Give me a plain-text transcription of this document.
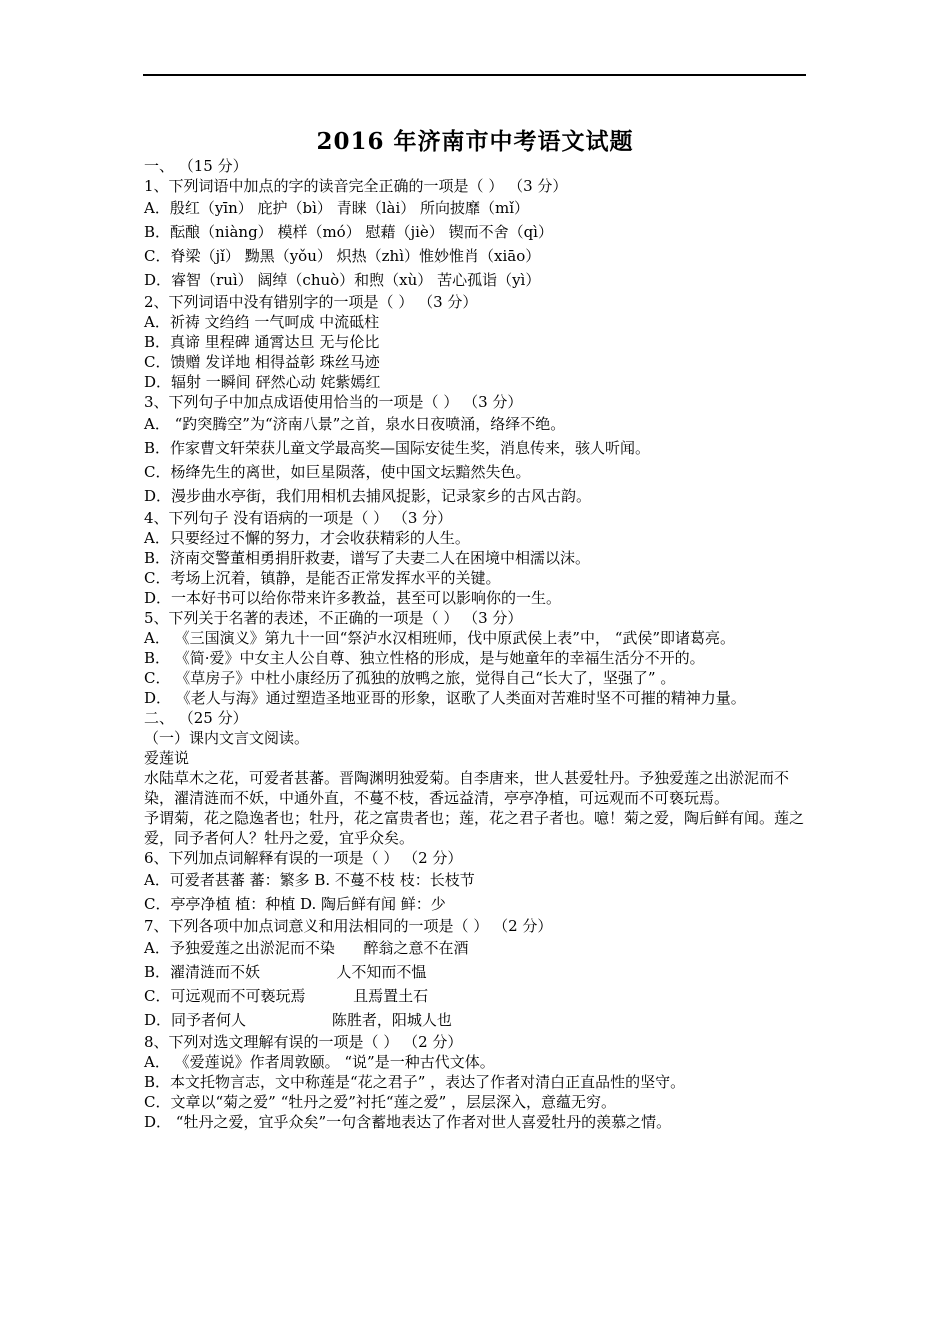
2016 年济南市中考语文试题
一、 （15 分）
1、下列词语中加点的字的读音完全正确的一项是（ ） （3 分）
A．殷红（yīn） 庇护（bì） 青睐（lài） 所向披靡（mǐ）
B．酝酿（niàng） 模样（mó） 慰藉（jiè） 锲而不舍（qì）
C．脊梁（jǐ） 黝黑（yǒu） 炽热（zhì）惟妙惟肖（xiāo）
D．睿智（ruì） 阔绰（chuò）和煦（xù） 苦心孤诣（yì）
2、下列词语中没有错别字的一项是（ ） （3 分）
A．祈祷 文绉绉 一气呵成 中流砥柱
B．真谛 里程碑 通霄达旦 无与伦比
C．馈赠 发详地 相得益彰 珠丝马迹
D．辐射 一瞬间 砰然心动 姹紫嫣红
3、下列句子中加点成语使用恰当的一项是（ ） （3 分）
A． “趵突腾空”为“济南八景”之首，泉水日夜喷涌，络绎不绝。
B．作家曹文轩荣获儿童文学最高奖—国际安徒生奖，消息传来，骇人听闻。
C．杨绛先生的离世，如巨星陨落，使中国文坛黯然失色。
D．漫步曲水亭街，我们用相机去捕风捉影，记录家乡的古风古韵。
4、下列句子 没有语病的一项是（ ） （3 分）
A．只要经过不懈的努力，才会收获精彩的人生。
B．济南交警董相勇捐肝救妻，谱写了夫妻二人在困境中相濡以沫。
C．考场上沉着，镇静，是能否正常发挥水平的关键。
D．一本好书可以给你带来许多教益，甚至可以影响你的一生。
5、下列关于名著的表述，不正确的一项是（ ） （3 分）
A． 《三国演义》第九十一回“祭泸水汉相班师，伐中原武侯上表”中， “武侯”即诸葛亮。
B． 《简·爱》中女主人公自尊、独立性格的形成，是与她童年的幸福生活分不开的。
C． 《草房子》中杜小康经历了孤独的放鸭之旅，觉得自己“长大了，坚强了” 。
D． 《老人与海》通过塑造圣地亚哥的形象，讴歌了人类面对苦难时坚不可摧的精神力量。
二、 （25 分）
（一）课内文言文阅读。
爱莲说
水陆草木之花，可爱者甚蕃。晋陶渊明独爱菊。自李唐来，世人甚爱牡丹。予独爱莲之出淤泥而不染，濯清涟而不妖，中通外直，不蔓不枝，香远益清，亭亭净植，可远观而不可亵玩焉。
予谓菊，花之隐逸者也；牡丹，花之富贵者也；莲，花之君子者也。噫！菊之爱，陶后鲜有闻。莲之爱，同予者何人？牡丹之爱，宜乎众矣。
6、下列加点词解释有误的一项是（ ） （2 分）
A．可爱者甚蕃 蕃：繁多 B. 不蔓不枝 枝：长枝节
C．亭亭净植 植：种植 D. 陶后鲜有闻 鲜：少
7、下列各项中加点词意义和用法相同的一项是（ ） （2 分）
A．予独爱莲之出淤泥而不染      醉翁之意不在酒
B．濯清涟而不妖                人不知而不愠
C．可远观而不可亵玩焉          且焉置土石
D．同予者何人                  陈胜者，阳城人也
8、下列对选文理解有误的一项是（ ） （2 分）
A． 《爱莲说》作者周敦颐。 “说”是一种古代文体。
B．本文托物言志，文中称莲是“花之君子” ，表达了作者对清白正直品性的坚守。
C．文章以“菊之爱” “牡丹之爱”衬托“莲之爱” ，层层深入，意蕴无穷。
D． “牡丹之爱，宜乎众矣”一句含蓄地表达了作者对世人喜爱牡丹的羡慕之情。
